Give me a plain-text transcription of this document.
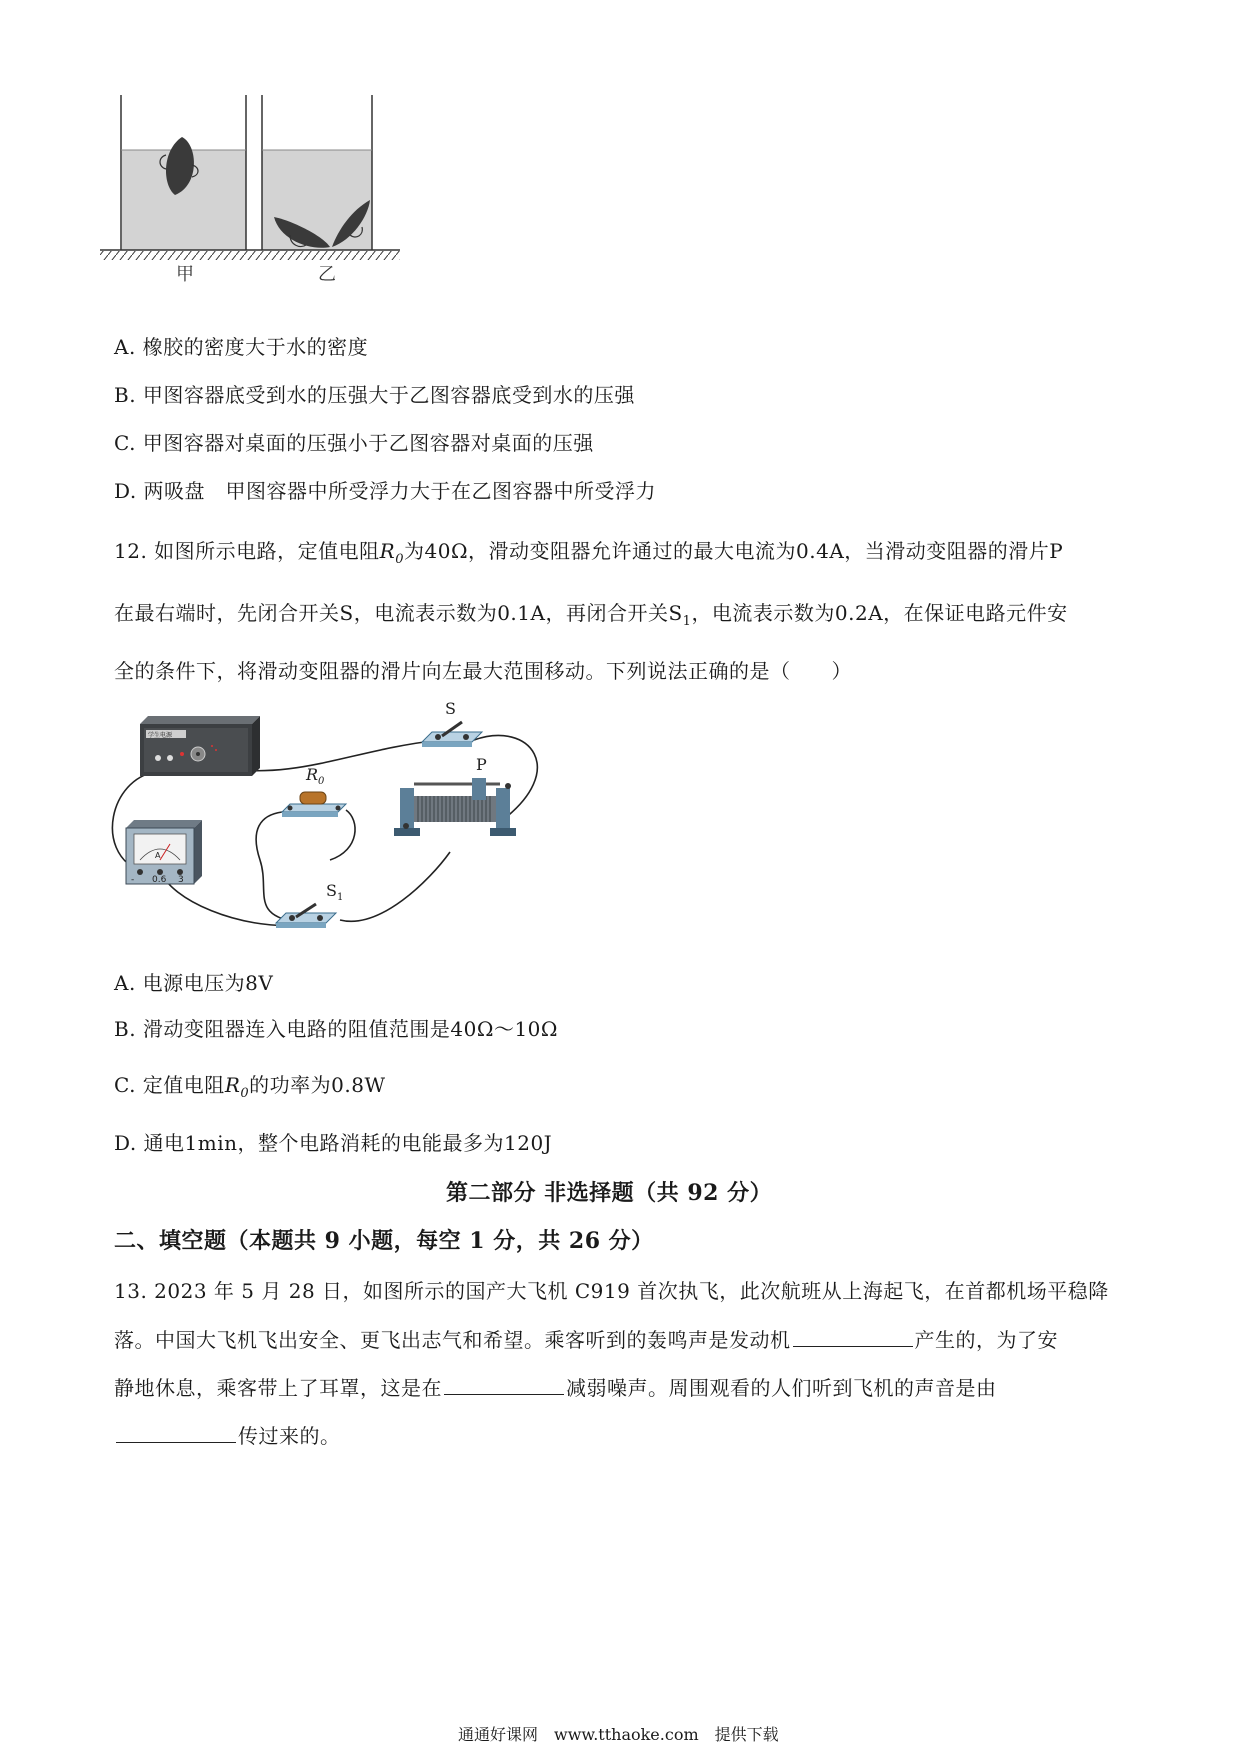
甲	乙
A. 橡胶的密度大于水的密度
B. 甲图容器底受到水的压强大于乙图容器底受到水的压强
C. 甲图容器对桌面的压强小于乙图容器对桌面的压强
D. 两吸盘　甲图容器中所受浮力大于在乙图容器中所受浮力
12. 如图所示电路，定值电阻$R_0$为40Ω，滑动变阻器允许通过的最大电流为0.4A，当滑动变阻器的滑片P
在最右端时，先闭合开关S，电流表示数为0.1A，再闭合开关$S_1$，电流表示数为0.2A，在保证电路元件安
全的条件下，将滑动变阻器的滑片向左最大范围移动。下列说法正确的是（　　）
学生电源
S
$R_0$
P
$S_1$
A
- 0.6 3
A. 电源电压为8V
B. 滑动变阻器连入电路的阻值范围是40Ω～10Ω
C. 定值电阻$R_0$的功率为0.8W
D. 通电1min，整个电路消耗的电能最多为120J
第二部分 非选择题（共 92 分）
二、填空题（本题共 9 小题，每空 1 分，共 26 分）
13. 2023 年 5 月 28 日，如图所示的国产大飞机 C919 首次执飞，此次航班从上海起飞，在首都机场平稳降
落。中国大飞机飞出安全、更飞出志气和希望。乘客听到的轰鸣声是发动机	产生的，为了安
静地休息，乘客带上了耳罩，这是在	减弱噪声。周围观看的人们听到飞机的声音是由
传过来的。
通通好课网　www.tthaoke.com　提供下载
